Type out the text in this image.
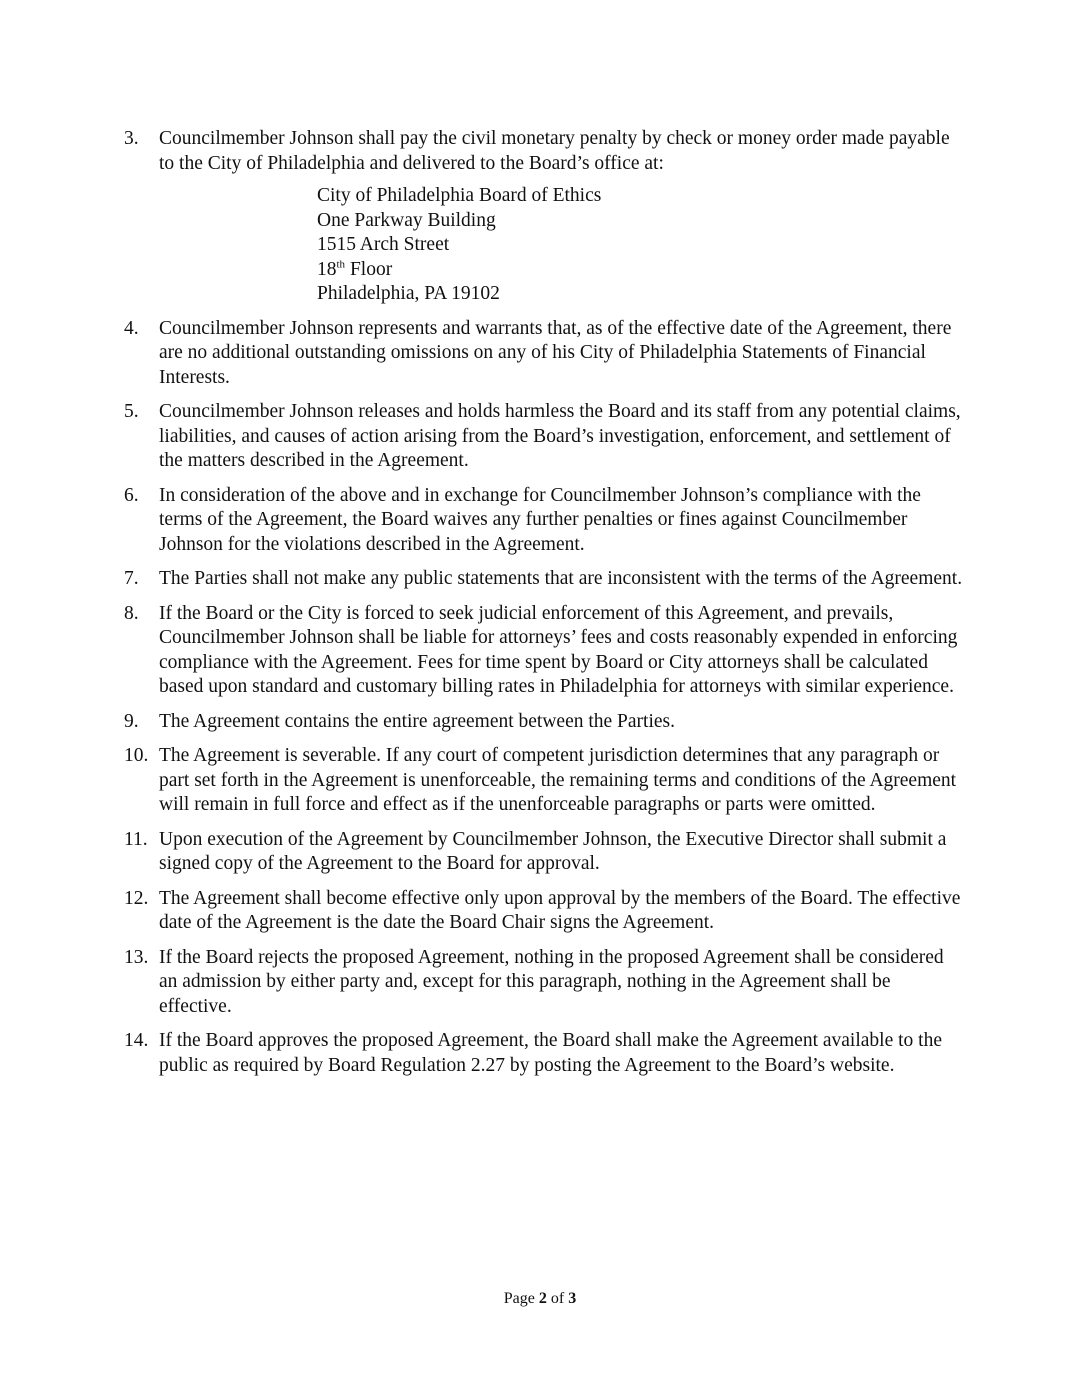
3.	Councilmember Johnson shall pay the civil monetary penalty by check or money order made payable to the City of Philadelphia and delivered to the Board’s office at:
City of Philadelphia Board of Ethics
One Parkway Building
1515 Arch Street
18th Floor
Philadelphia, PA 19102
4.	Councilmember Johnson represents and warrants that, as of the effective date of the Agreement, there are no additional outstanding omissions on any of his City of Philadelphia Statements of Financial Interests.
5.	Councilmember Johnson releases and holds harmless the Board and its staff from any potential claims, liabilities, and causes of action arising from the Board’s investigation, enforcement, and settlement of the matters described in the Agreement.
6.	In consideration of the above and in exchange for Councilmember Johnson’s compliance with the terms of the Agreement, the Board waives any further penalties or fines against Councilmember Johnson for the violations described in the Agreement.
7.	The Parties shall not make any public statements that are inconsistent with the terms of the Agreement.
8.	If the Board or the City is forced to seek judicial enforcement of this Agreement, and prevails, Councilmember Johnson shall be liable for attorneys’ fees and costs reasonably expended in enforcing compliance with the Agreement. Fees for time spent by Board or City attorneys shall be calculated based upon standard and customary billing rates in Philadelphia for attorneys with similar experience.
9.	The Agreement contains the entire agreement between the Parties.
10. The Agreement is severable. If any court of competent jurisdiction determines that any paragraph or part set forth in the Agreement is unenforceable, the remaining terms and conditions of the Agreement will remain in full force and effect as if the unenforceable paragraphs or parts were omitted.
11. Upon execution of the Agreement by Councilmember Johnson, the Executive Director shall submit a signed copy of the Agreement to the Board for approval.
12. The Agreement shall become effective only upon approval by the members of the Board. The effective date of the Agreement is the date the Board Chair signs the Agreement.
13. If the Board rejects the proposed Agreement, nothing in the proposed Agreement shall be considered an admission by either party and, except for this paragraph, nothing in the Agreement shall be effective.
14. If the Board approves the proposed Agreement, the Board shall make the Agreement available to the public as required by Board Regulation 2.27 by posting the Agreement to the Board’s website.
Page 2 of 3
